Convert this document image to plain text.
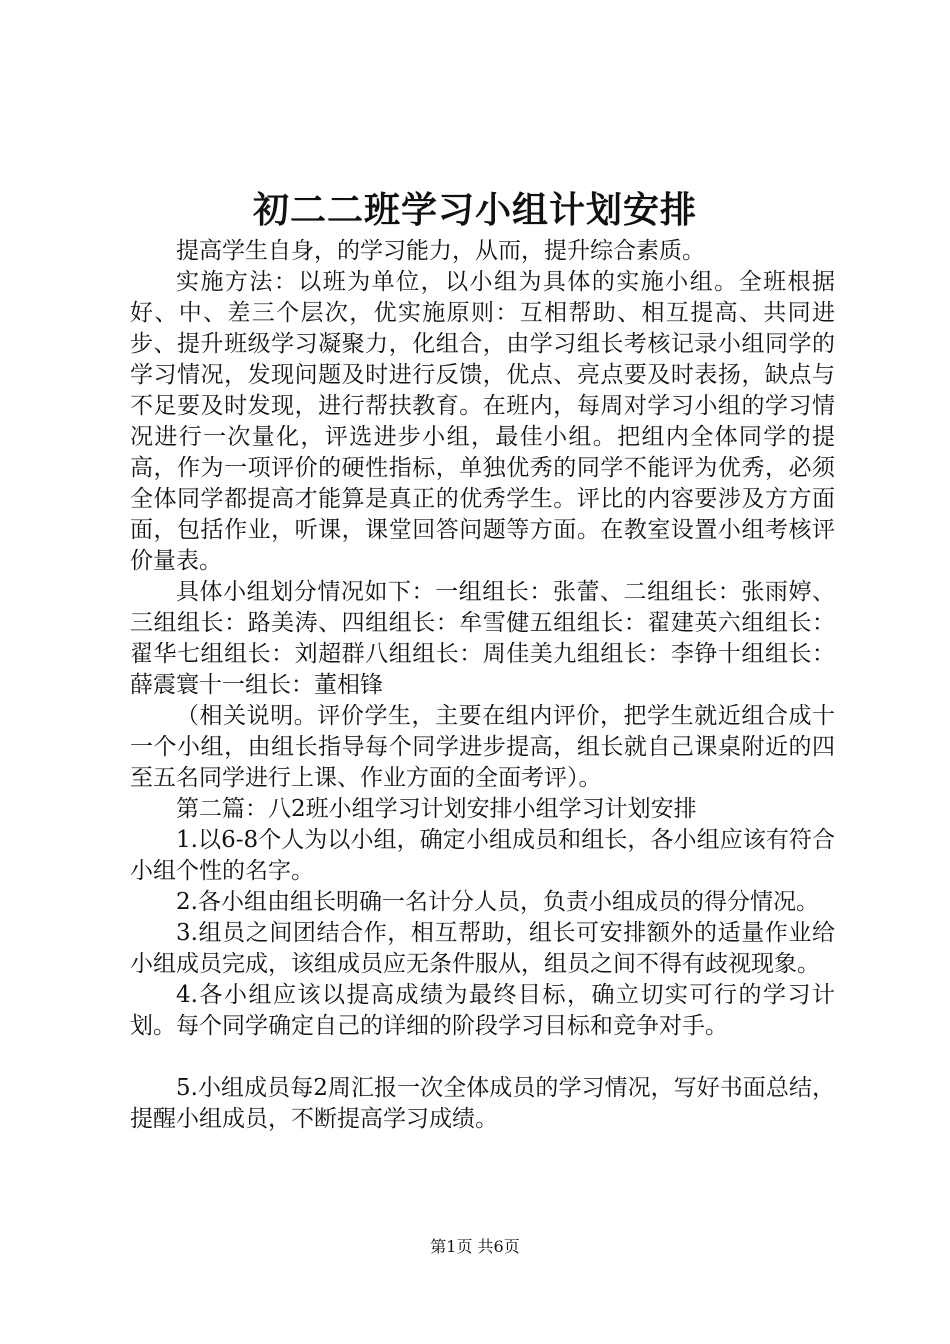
初二二班学习小组计划安排

提高学生自身，的学习能力，从而，提升综合素质。

实施方法：以班为单位，以小组为具体的实施小组。全班根据好、中、差三个层次，优实施原则：互相帮助、相互提高、共同进步、提升班级学习凝聚力，化组合，由学习组长考核记录小组同学的学习情况，发现问题及时进行反馈，优点、亮点要及时表扬，缺点与不足要及时发现，进行帮扶教育。在班内，每周对学习小组的学习情况进行一次量化，评选进步小组，最佳小组。把组内全体同学的提高，作为一项评价的硬性指标，单独优秀的同学不能评为优秀，必须全体同学都提高才能算是真正的优秀学生。评比的内容要涉及方方面面，包括作业，听课，课堂回答问题等方面。在教室设置小组考核评价量表。

具体小组划分情况如下：一组组长：张蕾、二组组长：张雨婷、三组组长：路美涛、四组组长：牟雪健五组组长：翟建英六组组长：翟华七组组长：刘超群八组组长：周佳美九组组长：李铮十组组长：薛震寰十一组长：董相锋

（相关说明。评价学生，主要在组内评价，把学生就近组合成十一个小组，由组长指导每个同学进步提高，组长就自己课桌附近的四至五名同学进行上课、作业方面的全面考评）。

第二篇：八2班小组学习计划安排小组学习计划安排

1.以6-8个人为以小组，确定小组成员和组长，各小组应该有符合小组个性的名字。

2.各小组由组长明确一名计分人员，负责小组成员的得分情况。

3.组员之间团结合作，相互帮助，组长可安排额外的适量作业给小组成员完成，该组成员应无条件服从，组员之间不得有歧视现象。

4.各小组应该以提高成绩为最终目标，确立切实可行的学习计划。每个同学确定自己的详细的阶段学习目标和竞争对手。

5.小组成员每2周汇报一次全体成员的学习情况，写好书面总结，提醒小组成员，不断提高学习成绩。

第1页 共6页
